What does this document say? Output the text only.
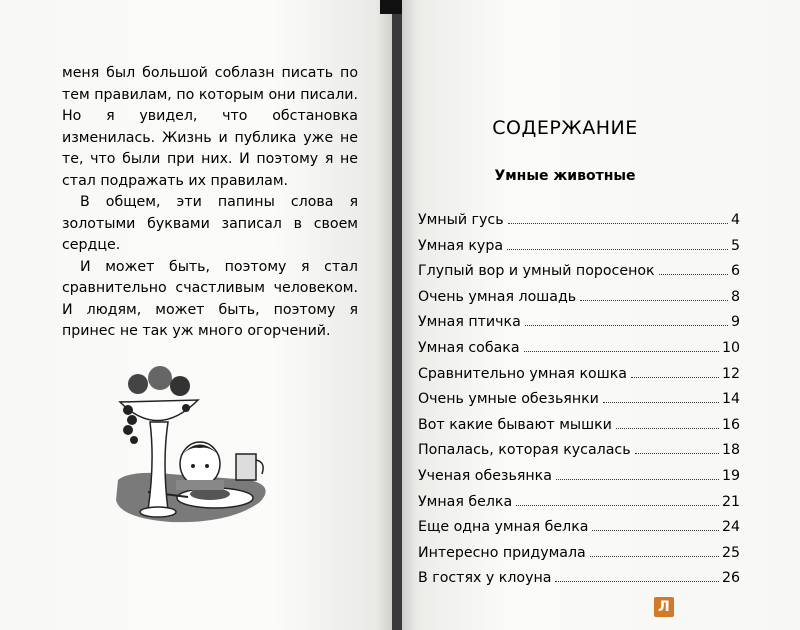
меня был большой соблазн писать по тем правилам, по которым они писали. Но я увидел, что обстановка изменилась. Жизнь и публика уже не те, что были при них. И поэтому я не стал подражать их правилам.

В общем, эти папины слова я золотыми буквами записал в своем сердце.

И может быть, поэтому я стал сравнительно счастливым человеком. И людям, может быть, поэтому я принес не так уж много огорчений.

СОДЕРЖАНИЕ
Умные животные
Умный гусь	4
Умная кура	5
Глупый вор и умный поросенок	6
Очень умная лошадь	8
Умная птичка	9
Умная собака	10
Сравнительно умная кошка	12
Очень умные обезьянки	14
Вот какие бывают мышки	16
Попалась, которая кусалась	18
Ученая обезьянка	19
Умная белка	21
Еще одна умная белка	24
Интересно придумала	25
В гостях у клоуна	26
Л
